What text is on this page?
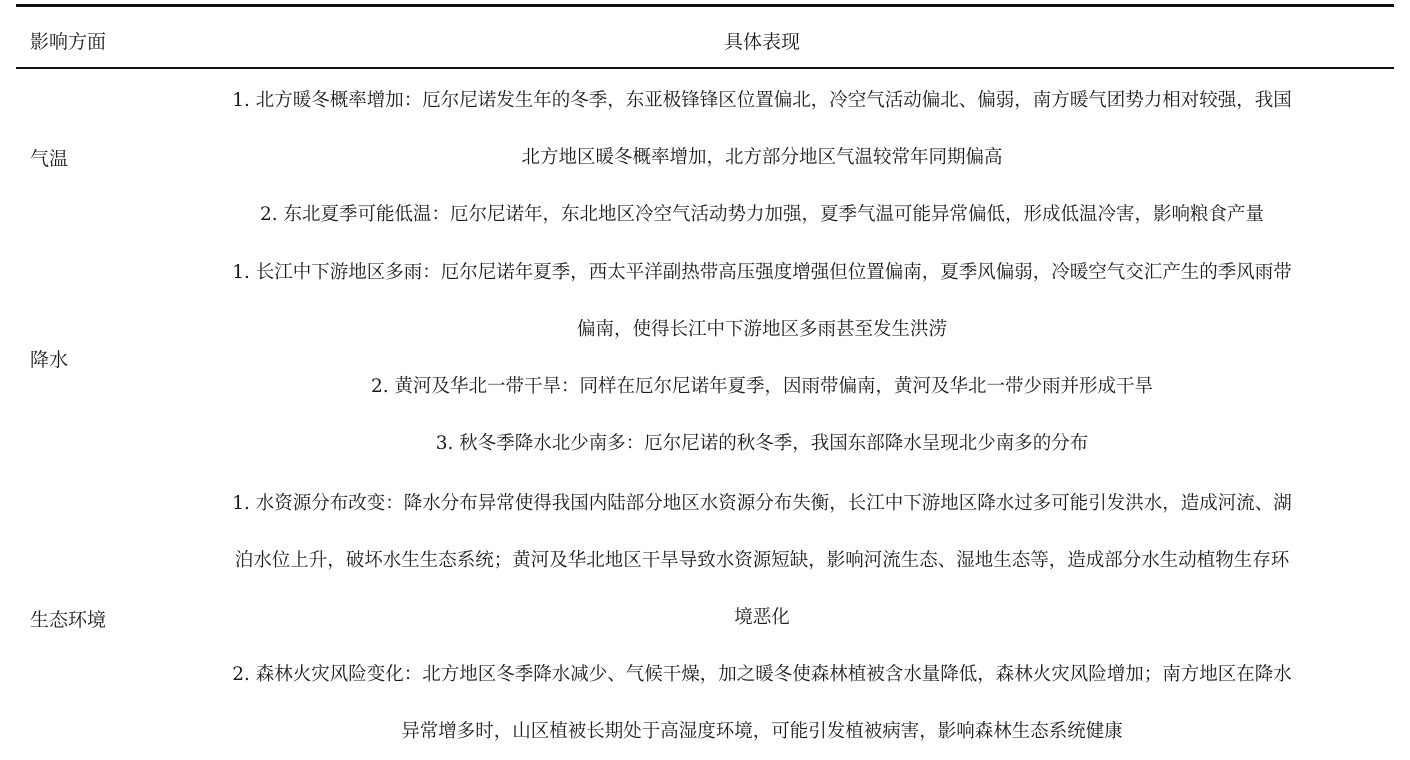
影响方面	具体表现
气温
1. 北方暖冬概率增加：厄尔尼诺发生年的冬季，东亚极锋锋区位置偏北，冷空气活动偏北、偏弱，南方暖气团势力相对较强，我国
北方地区暖冬概率增加，北方部分地区气温较常年同期偏高
2. 东北夏季可能低温：厄尔尼诺年，东北地区冷空气活动势力加强，夏季气温可能异常偏低，形成低温冷害，影响粮食产量
降水
1. 长江中下游地区多雨：厄尔尼诺年夏季，西太平洋副热带高压强度增强但位置偏南，夏季风偏弱，冷暖空气交汇产生的季风雨带
偏南，使得长江中下游地区多雨甚至发生洪涝
2. 黄河及华北一带干旱：同样在厄尔尼诺年夏季，因雨带偏南，黄河及华北一带少雨并形成干旱
3. 秋冬季降水北少南多：厄尔尼诺的秋冬季，我国东部降水呈现北少南多的分布
生态环境
1. 水资源分布改变：降水分布异常使得我国内陆部分地区水资源分布失衡，长江中下游地区降水过多可能引发洪水，造成河流、湖
泊水位上升，破坏水生生态系统；黄河及华北地区干旱导致水资源短缺，影响河流生态、湿地生态等，造成部分水生动植物生存环
境恶化
2. 森林火灾风险变化：北方地区冬季降水减少、气候干燥，加之暖冬使森林植被含水量降低，森林火灾风险增加；南方地区在降水
异常增多时，山区植被长期处于高湿度环境，可能引发植被病害，影响森林生态系统健康
